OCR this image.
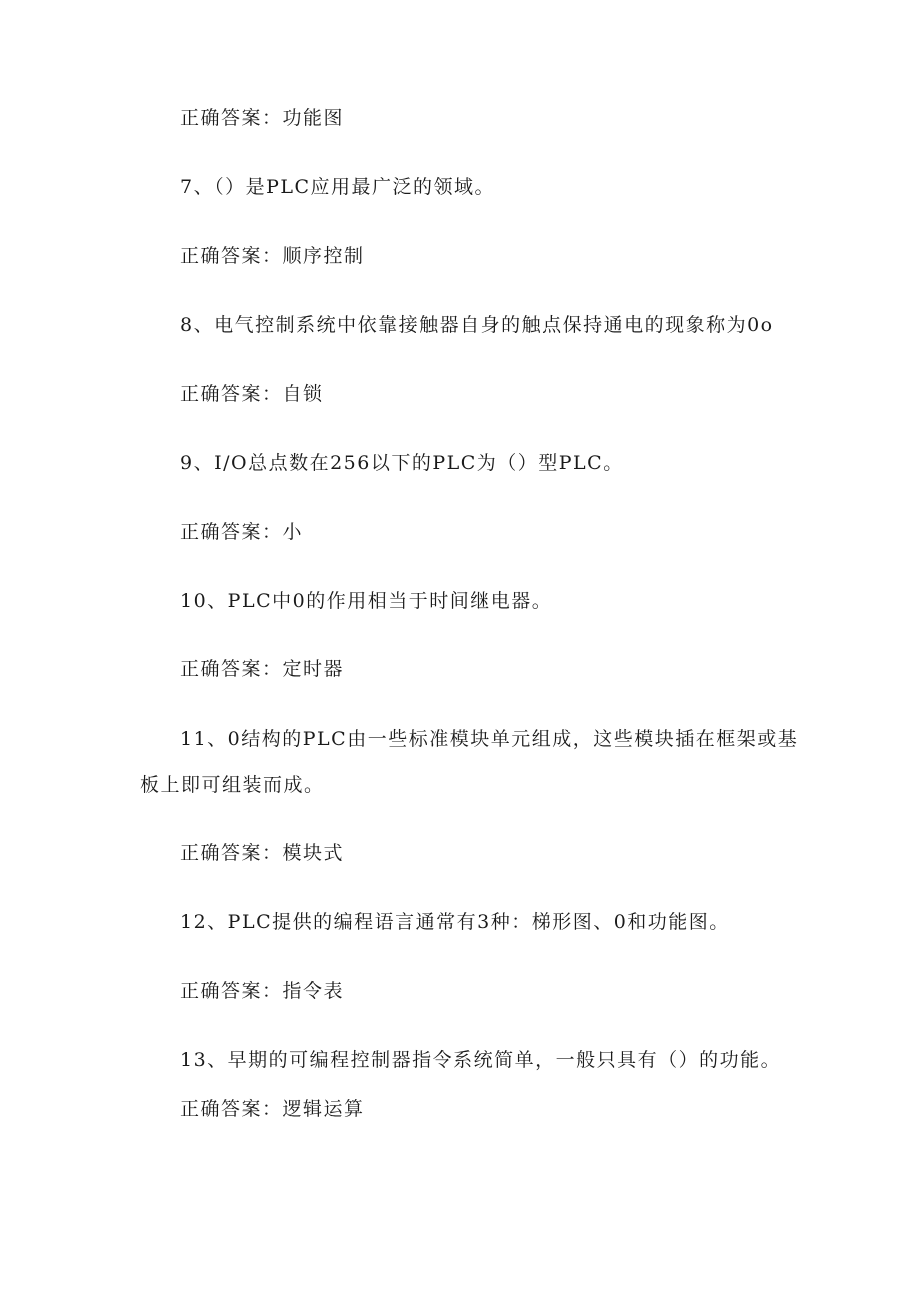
正确答案：功能图
7、（）是PLC应用最广泛的领域。
正确答案：顺序控制
8、电气控制系统中依靠接触器自身的触点保持通电的现象称为0o
正确答案：自锁
9、I/O总点数在256以下的PLC为（）型PLC。
正确答案：小
10、PLC中0的作用相当于时间继电器。
正确答案：定时器
11、0结构的PLC由一些标准模块单元组成，这些模块插在框架或基
板上即可组装而成。
正确答案：模块式
12、PLC提供的编程语言通常有3种：梯形图、0和功能图。
正确答案：指令表
13、早期的可编程控制器指令系统简单，一般只具有（）的功能。
正确答案：逻辑运算
